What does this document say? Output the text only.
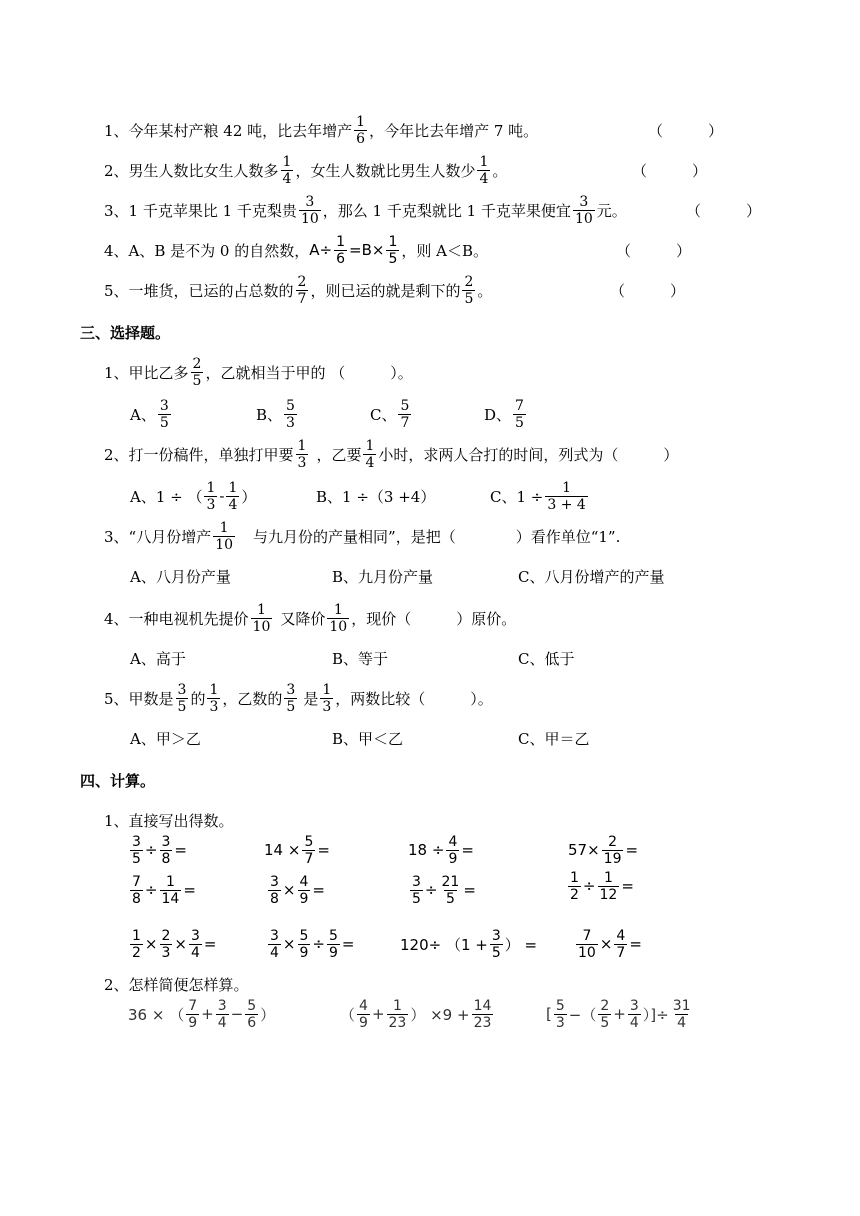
1、今年某村产粮 42 吨，比去年增产 1
6 ，今年比去年增产 7 吨。	（　　　）
2、男生人数比女生人数多 1
4 ，女生人数就比男生人数少 1
4 。	（　　　）
3、1 千克苹果比 1 千克梨贵 3
10 ，那么 1 千克梨就比 1 千克苹果便宜 3
10 元。	（　　　）
4、A、B 是不为 0 的自然数， $A\div \frac{1}{6} =B\times \frac{1}{5}$ ，则 A＜B。	（　　　）
5、一堆货，已运的占总数的 2
7 ，则已运的就是剩下的 2
5 。	（　　　）
三、选择题。
1、甲比乙多 2
5 ，乙就相当于甲的 （　　　）。
A、 3
5	B、 5
3	C、 5
7	D、 7
5
2、打一份稿件，单独打甲要 1
3 ，乙要 1
4 小时，求两人合打的时间，列式为（　　　）
A、1 ÷ （ 1
3 - 1
4 ）	B、1 ÷（3 +4）	C、$1 \div \frac{1}{3 + 4}$
3、“八月份增产 1
10 与九月份的产量相同”，是把（　　　　）看作单位“1”.
A、八月份产量	B、九月份产量	C、八月份增产的产量
4、一种电视机先提价 1
10 又降价 1
10 ，现价（　　　）原价。
A、高于	B、等于	C、低于
5、甲数是 3
5 的 1
3 ，乙数的 3
5 是 1
3 ，两数比较（　　　）。
A、甲＞乙	B、甲＜乙	C、甲＝乙
四、计算。
1、直接写出得数。
$\frac{3}{5} \div \frac{3}{8}$ =	$14 \times \frac{5}{7}$ =	$18 \div \frac{4}{9}$ =	$57\times \frac{2}{19}$ =
$\frac{7}{8} \div \frac{1}{14}$ =	$\frac{3}{8} \times \frac{4}{9}$ =	$\frac{3}{5} \div \frac{21}{5}$ =	$\frac{1}{2} \div \frac{1}{12}$ =
$\frac{1}{2} \times \frac{2}{3} \times \frac{3}{4}$ =	$\frac{3}{4} \times \frac{5}{9} \div \frac{5}{9}$ =	$120\div (1 + \frac{3}{5}$ ） =	$\frac{7}{10} \times \frac{4}{7}$ =
2、怎样简便怎样算。
36 × （ 7
$9 + \frac{3}{4} - \frac{5}{6}$ ）	（ 4
$9 + \frac{1}{23}$ ） $\times 9 + \frac{14}{23}$	[ 5
3 −（ 2
$5 + \frac{3}{4}$ ）]÷ $\frac{31}{4}$
